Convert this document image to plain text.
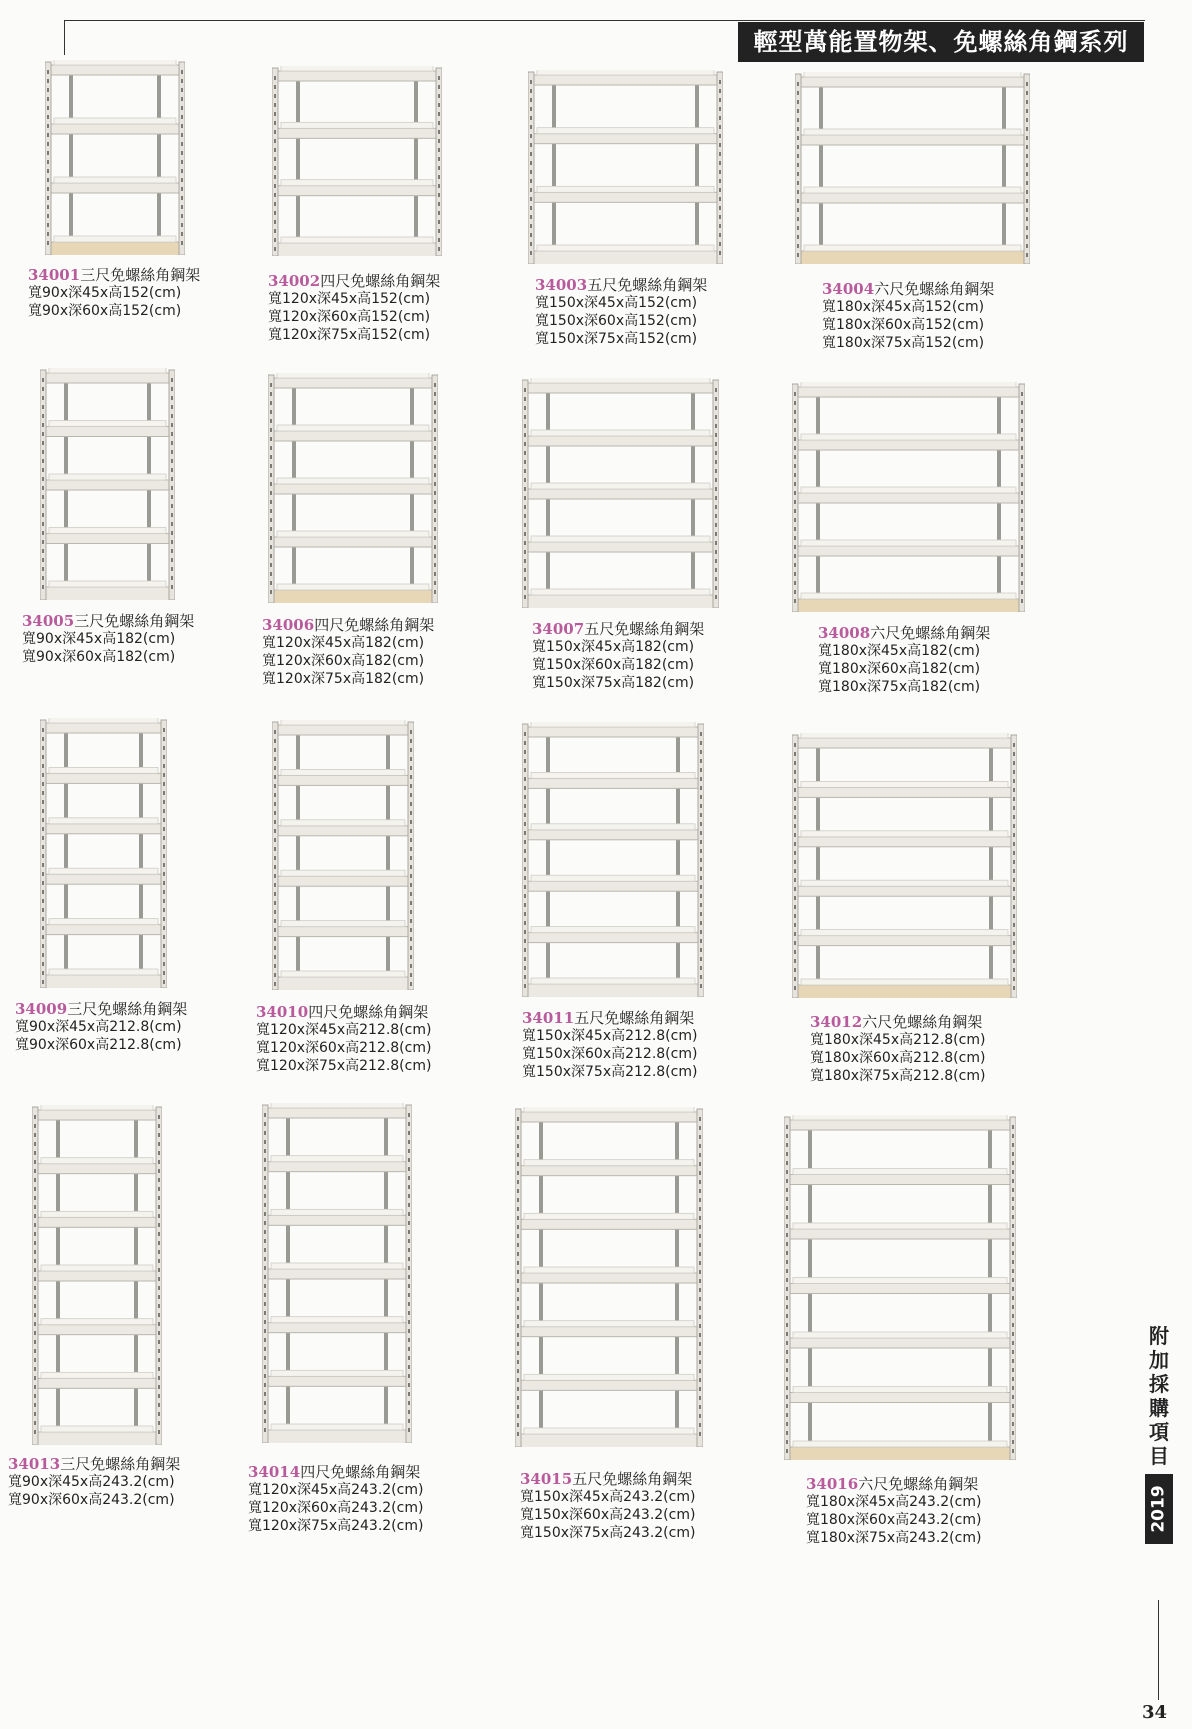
輕型萬能置物架、免螺絲角鋼系列
34001三尺免螺絲角鋼架
寬90x深45x高152(cm)
寬90x深60x高152(cm)
34002四尺免螺絲角鋼架
寬120x深45x高152(cm)
寬120x深60x高152(cm)
寬120x深75x高152(cm)
34003五尺免螺絲角鋼架
寬150x深45x高152(cm)
寬150x深60x高152(cm)
寬150x深75x高152(cm)
34004六尺免螺絲角鋼架
寬180x深45x高152(cm)
寬180x深60x高152(cm)
寬180x深75x高152(cm)
34005三尺免螺絲角鋼架
寬90x深45x高182(cm)
寬90x深60x高182(cm)
34006四尺免螺絲角鋼架
寬120x深45x高182(cm)
寬120x深60x高182(cm)
寬120x深75x高182(cm)
34007五尺免螺絲角鋼架
寬150x深45x高182(cm)
寬150x深60x高182(cm)
寬150x深75x高182(cm)
34008六尺免螺絲角鋼架
寬180x深45x高182(cm)
寬180x深60x高182(cm)
寬180x深75x高182(cm)
34009三尺免螺絲角鋼架
寬90x深45x高212.8(cm)
寬90x深60x高212.8(cm)
34010四尺免螺絲角鋼架
寬120x深45x高212.8(cm)
寬120x深60x高212.8(cm)
寬120x深75x高212.8(cm)
34011五尺免螺絲角鋼架
寬150x深45x高212.8(cm)
寬150x深60x高212.8(cm)
寬150x深75x高212.8(cm)
34012六尺免螺絲角鋼架
寬180x深45x高212.8(cm)
寬180x深60x高212.8(cm)
寬180x深75x高212.8(cm)
34013三尺免螺絲角鋼架
寬90x深45x高243.2(cm)
寬90x深60x高243.2(cm)
34014四尺免螺絲角鋼架
寬120x深45x高243.2(cm)
寬120x深60x高243.2(cm)
寬120x深75x高243.2(cm)
34015五尺免螺絲角鋼架
寬150x深45x高243.2(cm)
寬150x深60x高243.2(cm)
寬150x深75x高243.2(cm)
34016六尺免螺絲角鋼架
寬180x深45x高243.2(cm)
寬180x深60x高243.2(cm)
寬180x深75x高243.2(cm)
附加採購項目
2019
34
